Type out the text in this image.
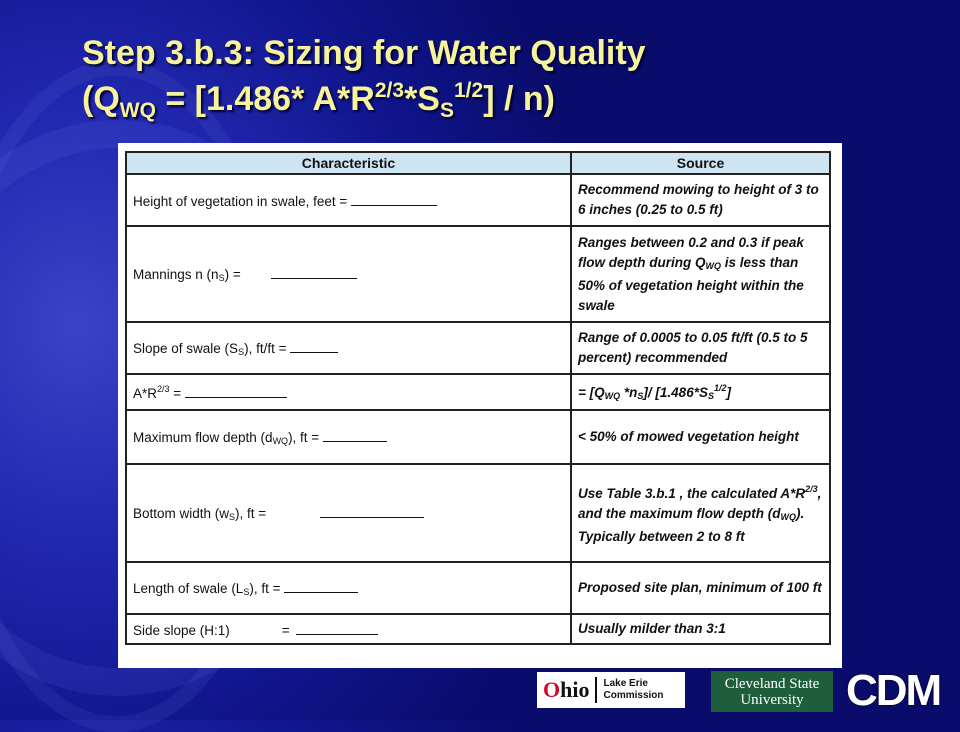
Step 3.b.3: Sizing for Water Quality
($Q_{WQ} = [1.486*$ $A*R^{2/3}*S_S^{1/2}] / n$)
Characteristic	Source
Height of vegetation in swale, feet =	Recommend mowing to height of 3 to 6 inches (0.25 to 0.5 ft)
Mannings n (nS) =	Ranges between 0.2 and 0.3 if peak flow depth during QWQ is less than 50% of vegetation height within the swale
Slope of swale (SS), ft/ft =	Range of 0.0005 to 0.05 ft/ft (0.5 to 5 percent) recommended
$A*R^{2/3}$ =	= [QWQ *nS]/ $[1.486*SS^{1/2}]$
Maximum flow depth (dWQ), ft =	< 50% of mowed vegetation height
Bottom width (wS), ft =	Use Table 3.b.1 , the calculated $A*R^{2/3}$, and the maximum flow depth (dWQ). Typically between 2 to 8 ft
Length of swale (LS), ft =	Proposed site plan, minimum of 100 ft
Side slope (H:1) =	Usually milder than 3:1
Ohio Lake Erie
Commission
Cleveland State
University CDM
